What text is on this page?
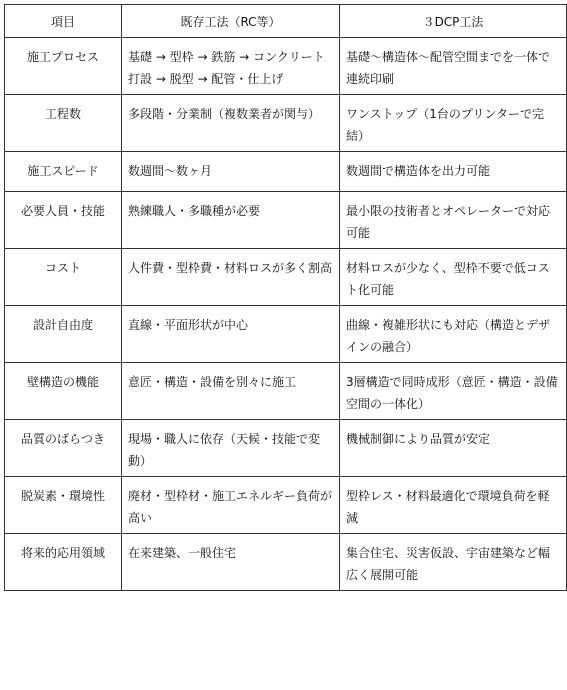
項目	既存工法（RC等）	３DCP工法
施工プロセス	基礎 → 型枠 → 鉄筋 → コンクリート打設 → 脱型 → 配管・仕上げ	基礎〜構造体〜配管空間までを一体で連続印刷
工程数	多段階・分業制（複数業者が関与）	ワンストップ（1台のプリンターで完結）
施工スピード	数週間〜数ヶ月	数週間で構造体を出力可能
必要人員・技能	熟練職人・多職種が必要	最小限の技術者とオペレーターで対応可能
コスト	人件費・型枠費・材料ロスが多く割高	材料ロスが少なく、型枠不要で低コスト化可能
設計自由度	直線・平面形状が中心	曲線・複雑形状にも対応（構造とデザインの融合）
壁構造の機能	意匠・構造・設備を別々に施工	3層構造で同時成形（意匠・構造・設備空間の一体化）
品質のばらつき	現場・職人に依存（天候・技能で変動）	機械制御により品質が安定
脱炭素・環境性	廃材・型枠材・施工エネルギー負荷が高い	型枠レス・材料最適化で環境負荷を軽減
将来的応用領域	在来建築、一般住宅	集合住宅、災害仮設、宇宙建築など幅広く展開可能
